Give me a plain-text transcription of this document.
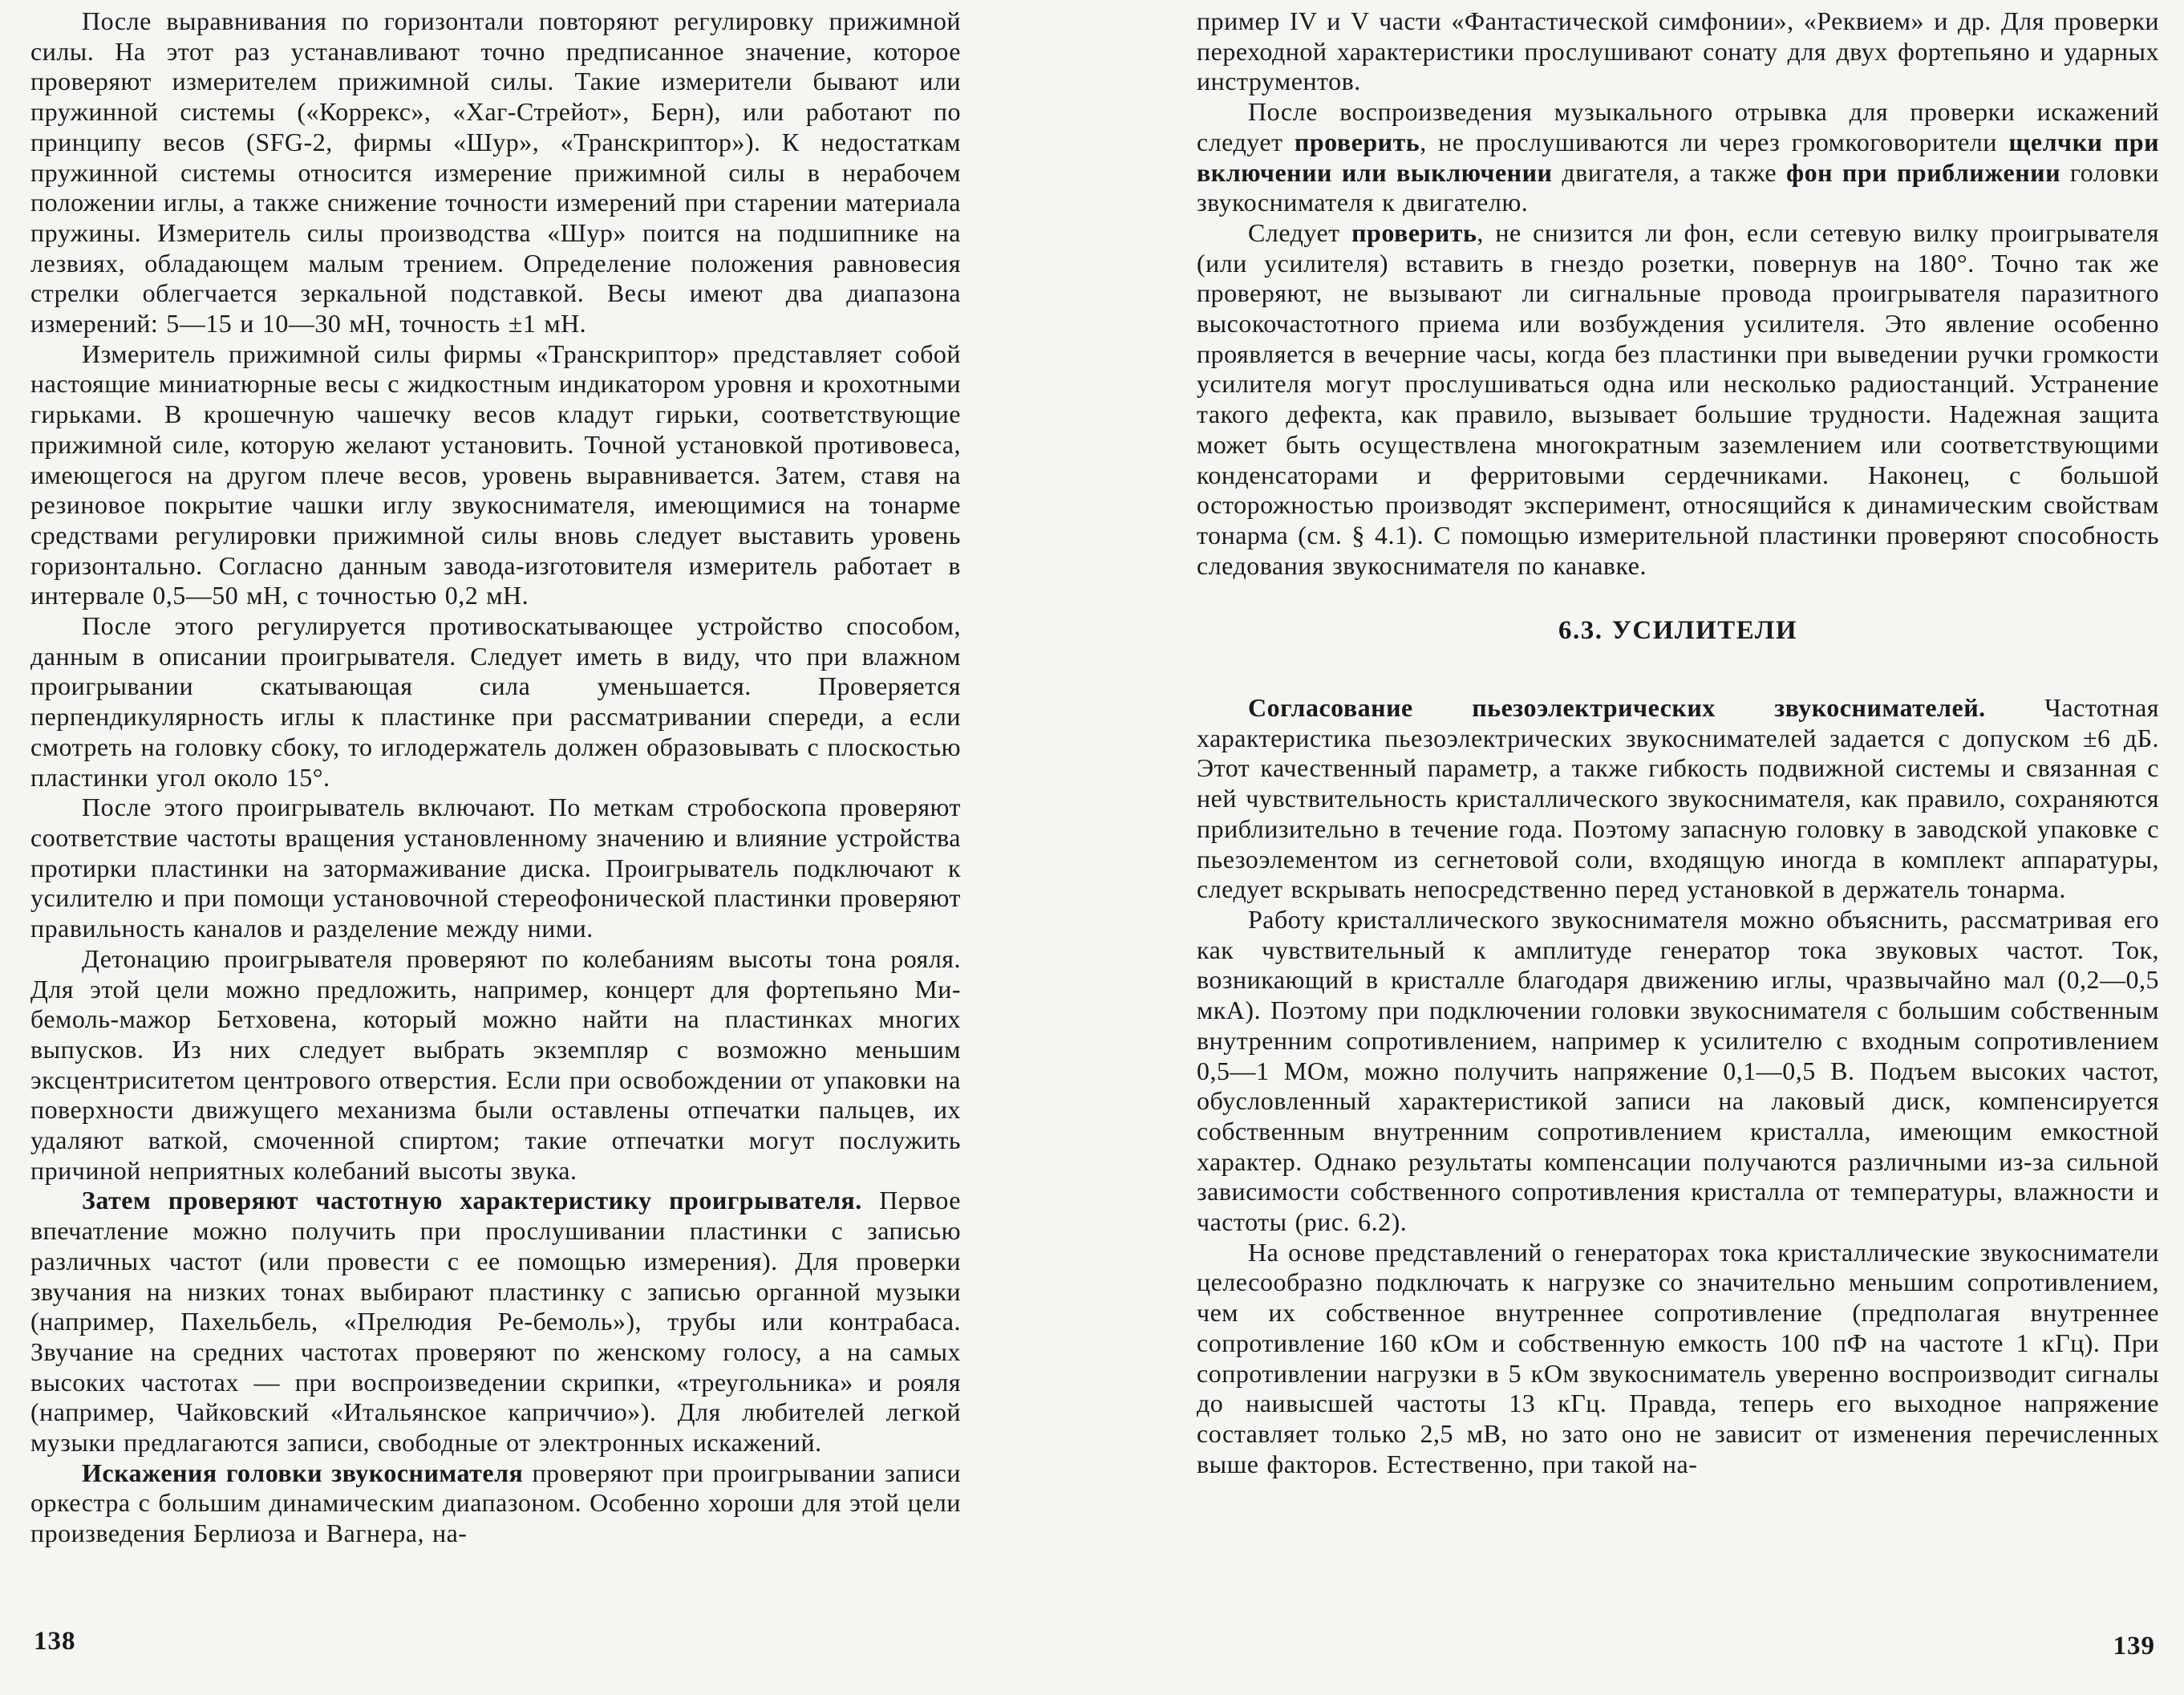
После выравнивания по горизонтали повторяют регулировку прижимной силы. На этот раз устанавливают точно предписанное значение, которое проверяют измерителем прижимной силы. Такие измерители бывают или пружинной системы («Коррекс», «Хаг-Стрейот», Берн), или работают по принципу весов (SFG-2, фирмы «Шур», «Транскриптор»). К недостаткам пружинной системы относится измерение прижимной силы в нерабочем положении иглы, а также снижение точности измерений при старении материала пружины. Измеритель силы производства «Шур» поится на подшипнике на лезвиях, обладающем малым трением. Определение положения равновесия стрелки облегчается зеркальной подставкой. Весы имеют два диапазона измерений: 5—15 и 10—30 мН, точность ±1 мН.

Измеритель прижимной силы фирмы «Транскриптор» представляет собой настоящие миниатюрные весы с жидкостным индикатором уровня и крохотными гирьками. В крошечную чашечку весов кладут гирьки, соответствующие прижимной силе, которую желают установить. Точной установкой противовеса, имеющегося на другом плече весов, уровень выравнивается. Затем, ставя на резиновое покрытие чашки иглу звукоснимателя, имеющимися на тонарме средствами регулировки прижимной силы вновь следует выставить уровень горизонтально. Согласно данным завода-изготовителя измеритель работает в интервале 0,5—50 мН, с точностью 0,2 мН.

После этого регулируется противоскатывающее устройство способом, данным в описании проигрывателя. Следует иметь в виду, что при влажном проигрывании скатывающая сила уменьшается. Проверяется перпендикулярность иглы к пластинке при рассматривании спереди, а если смотреть на головку сбоку, то иглодержатель должен образовывать с плоскостью пластинки угол около 15°.

После этого проигрыватель включают. По меткам стробоскопа проверяют соответствие частоты вращения установленному значению и влияние устройства протирки пластинки на затормаживание диска. Проигрыватель подключают к усилителю и при помощи установочной стереофонической пластинки проверяют правильность каналов и разделение между ними.

Детонацию проигрывателя проверяют по колебаниям высоты тона рояля. Для этой цели можно предложить, например, концерт для фортепьяно Ми-бемоль-мажор Бетховена, который можно найти на пластинках многих выпусков. Из них следует выбрать экземпляр с возможно меньшим эксцентриситетом центрового отверстия. Если при освобождении от упаковки на поверхности движущего механизма были оставлены отпечатки пальцев, их удаляют ваткой, смоченной спиртом; такие отпечатки могут послужить причиной неприятных колебаний высоты звука.

Затем проверяют частотную характеристику проигрывателя. Первое впечатление можно получить при прослушивании пластинки с записью различных частот (или провести с ее помощью измерения). Для проверки звучания на низких тонах выбирают пластинку с записью органной музыки (например, Пахельбель, «Прелюдия Ре-бемоль»), трубы или контрабаса. Звучание на средних частотах проверяют по женскому голосу, а на самых высоких частотах — при воспроизведении скрипки, «треугольника» и рояля (например, Чайковский «Итальянское каприччио»). Для любителей легкой музыки предлагаются записи, свободные от электронных искажений.

Искажения головки звукоснимателя проверяют при проигрывании записи оркестра с большим динамическим диапазоном. Особенно хороши для этой цели произведения Берлиоза и Вагнера, на-

пример IV и V части «Фантастической симфонии», «Реквием» и др. Для проверки переходной характеристики прослушивают сонату для двух фортепьяно и ударных инструментов.

После воспроизведения музыкального отрывка для проверки искажений следует проверить, не прослушиваются ли через громкоговорители щелчки при включении или выключении двигателя, а также фон при приближении головки звукоснимателя к двигателю.

Следует проверить, не снизится ли фон, если сетевую вилку проигрывателя (или усилителя) вставить в гнездо розетки, повернув на 180°. Точно так же проверяют, не вызывают ли сигнальные провода проигрывателя паразитного высокочастотного приема или возбуждения усилителя. Это явление особенно проявляется в вечерние часы, когда без пластинки при выведении ручки громкости усилителя могут прослушиваться одна или несколько радиостанций. Устранение такого дефекта, как правило, вызывает большие трудности. Надежная защита может быть осуществлена многократным заземлением или соответствующими конденсаторами и ферритовыми сердечниками. Наконец, с большой осторожностью производят эксперимент, относящийся к динамическим свойствам тонарма (см. § 4.1). С помощью измерительной пластинки проверяют способность следования звукоснимателя по канавке.

6.3. УСИЛИТЕЛИ

Согласование пьезоэлектрических звукоснимателей. Частотная характеристика пьезоэлектрических звукоснимателей задается с допуском ±6 дБ. Этот качественный параметр, а также гибкость подвижной системы и связанная с ней чувствительность кристаллического звукоснимателя, как правило, сохраняются приблизительно в течение года. Поэтому запасную головку в заводской упаковке с пьезоэлементом из сегнетовой соли, входящую иногда в комплект аппаратуры, следует вскрывать непосредственно перед установкой в держатель тонарма.

Работу кристаллического звукоснимателя можно объяснить, рассматривая его как чувствительный к амплитуде генератор тока звуковых частот. Ток, возникающий в кристалле благодаря движению иглы, чразвычайно мал (0,2—0,5 мкА). Поэтому при подключении головки звукоснимателя с большим собственным внутренним сопротивлением, например к усилителю с входным сопротивлением 0,5—1 МОм, можно получить напряжение 0,1—0,5 В. Подъем высоких частот, обусловленный характеристикой записи на лаковый диск, компенсируется собственным внутренним сопротивлением кристалла, имеющим емкостной характер. Однако результаты компенсации получаются различными из-за сильной зависимости собственного сопротивления кристалла от температуры, влажности и частоты (рис. 6.2).

На основе представлений о генераторах тока кристаллические звукосниматели целесообразно подключать к нагрузке со значительно меньшим сопротивлением, чем их собственное внутреннее сопротивление (предполагая внутреннее сопротивление 160 кОм и собственную емкость 100 пФ на частоте 1 кГц). При сопротивлении нагрузки в 5 кОм звукосниматель уверенно воспроизводит сигналы до наивысшей частоты 13 кГц. Правда, теперь его выходное напряжение составляет только 2,5 мВ, но зато оно не зависит от изменения перечисленных выше факторов. Естественно, при такой на-

138	139
